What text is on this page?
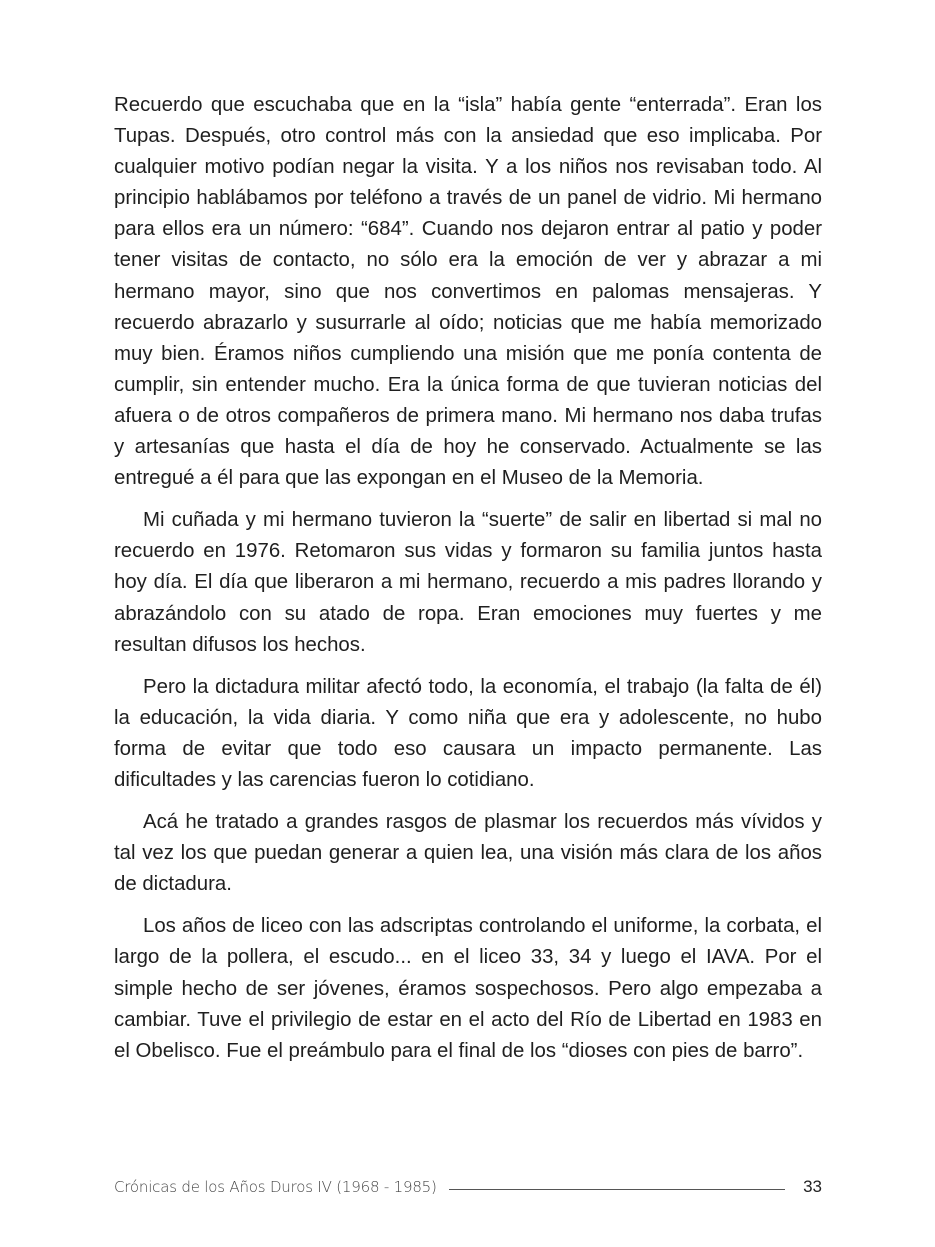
Recuerdo que escuchaba que en la “isla” había gente “enterrada”. Eran los Tupas. Después, otro control más con la ansiedad que eso implicaba. Por cualquier motivo podían negar la visita. Y a los niños nos revisaban todo. Al principio hablábamos por teléfono a través de un panel de vidrio. Mi hermano para ellos era un número: “684”. Cuando nos dejaron entrar al patio y poder tener visitas de contacto, no sólo era la emoción de ver y abrazar a mi hermano mayor, sino que nos convertimos en palomas mensajeras. Y recuerdo abrazarlo y susurrarle al oído; noticias que me había memorizado muy bien. Éramos niños cumpliendo una misión que me ponía contenta de cumplir, sin entender mucho. Era la única forma de que tuvieran noticias del afuera o de otros compañeros de primera mano. Mi hermano nos daba trufas y artesanías que hasta el día de hoy he conservado. Actualmente se las entregué a él para que las expongan en el Museo de la Memoria.

Mi cuñada y mi hermano tuvieron la “suerte” de salir en libertad si mal no recuerdo en 1976. Retomaron sus vidas y formaron su familia juntos hasta hoy día. El día que liberaron a mi hermano, recuerdo a mis padres llorando y abrazándolo con su atado de ropa. Eran emociones muy fuertes y me resultan difusos los hechos.

Pero la dictadura militar afectó todo, la economía, el trabajo (la falta de él) la educación, la vida diaria. Y como niña que era y adolescente, no hubo forma de evitar que todo eso causara un impacto permanente. Las dificultades y las carencias fueron lo cotidiano.

Acá he tratado a grandes rasgos de plasmar los recuerdos más vívidos y tal vez los que puedan generar a quien lea, una visión más clara de los años de dictadura.

Los años de liceo con las adscriptas controlando el uniforme, la corbata, el largo de la pollera, el escudo... en el liceo 33, 34 y luego el IAVA. Por el simple hecho de ser jóvenes, éramos sospechosos. Pero algo empezaba a cambiar. Tuve el privilegio de estar en el acto del Río de Libertad en 1983 en el Obelisco. Fue el preámbulo para el final de los “dioses con pies de barro”.

Crónicas de los Años Duros IV (1968 - 1985)	33
